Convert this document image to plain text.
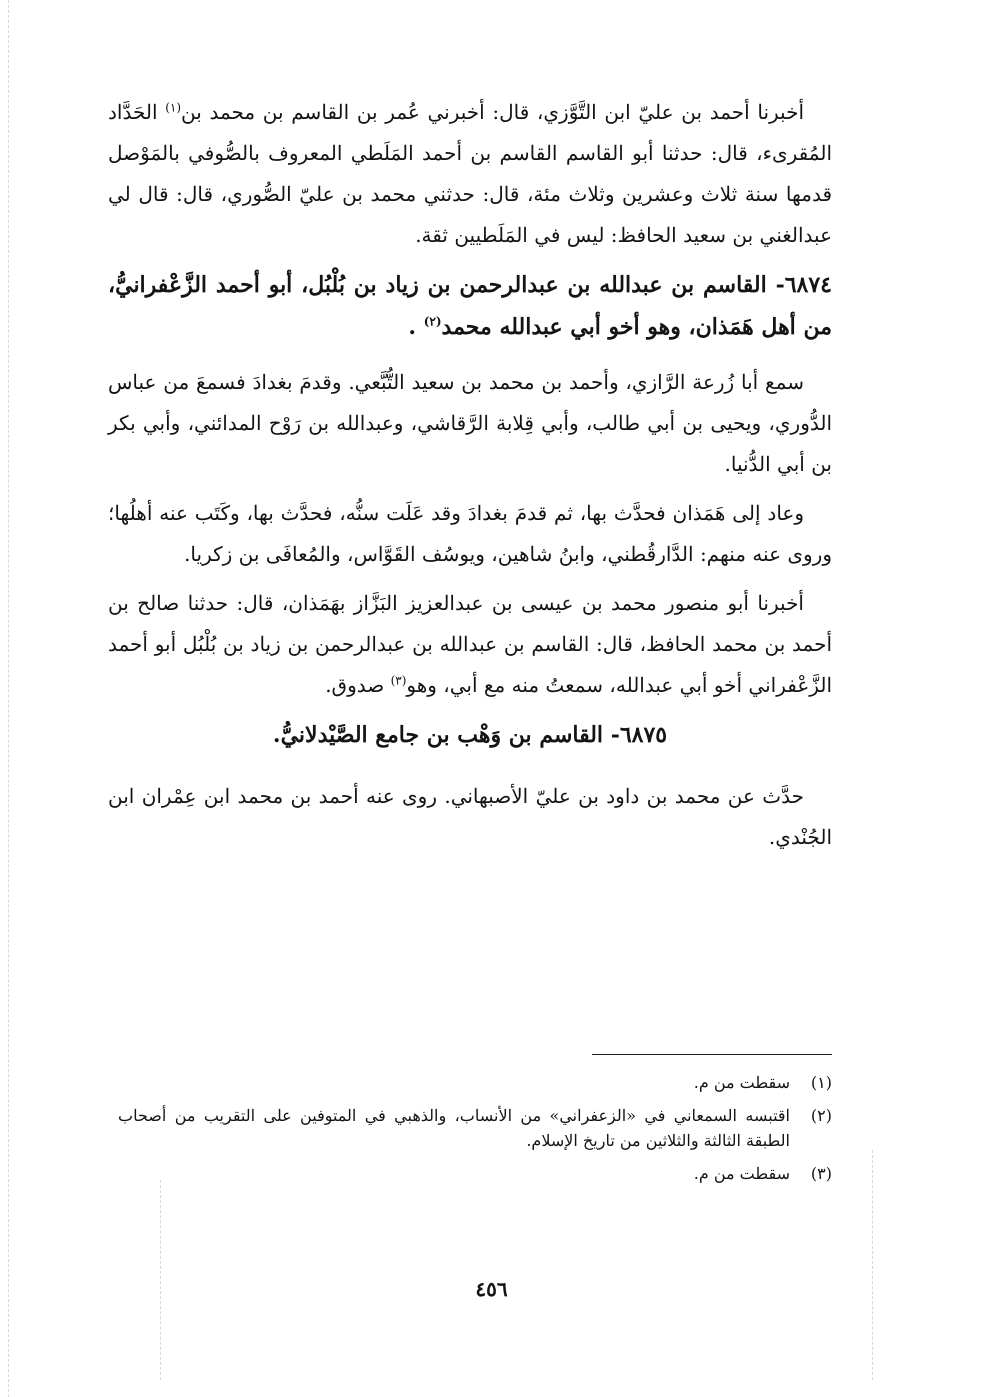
أخبرنا أحمد بن عليّ ابن التَّوَّزي، قال: أخبرني عُمر بن القاسم بن محمد بن$^{(١)}$ الحَدَّاد المُقرىء، قال: حدثنا أبو القاسم القاسم بن أحمد المَلَطي المعروف بالصُّوفي بالمَوْصل قدمها سنة ثلاث وعشرين وثلاث مئة، قال: حدثني محمد بن عليّ الصُّوري، قال: قال لي عبدالغني بن سعيد الحافظ: ليس في المَلَطيين ثقة.

٦٨٧٤- القاسم بن عبدالله بن عبدالرحمن بن زياد بن بُلْبُل، أبو أحمد الزَّعْفرانيُّ، من أهل هَمَذان، وهو أخو أبي عبدالله محمد$^{(٢)}$ .

سمع أبا زُرعة الرَّازي، وأحمد بن محمد بن سعيد التُّبَّعي. وقدمَ بغدادَ فسمعَ من عباس الدُّوري، ويحيى بن أبي طالب، وأبي قِلابة الرَّقاشي، وعبدالله بن رَوْح المدائني، وأبي بكر بن أبي الدُّنيا.

وعاد إلى هَمَذان فحدَّث بها، ثم قدمَ بغدادَ وقد عَلَت سنُّه، فحدَّث بها، وكَتَب عنه أهلُها؛ وروى عنه منهم: الدَّارقُطني، وابنُ شاهين، ويوسُف القَوَّاس، والمُعافَى بن زكريا.

أخبرنا أبو منصور محمد بن عيسى بن عبدالعزيز البَزَّاز بهَمَذان، قال: حدثنا صالح بن أحمد بن محمد الحافظ، قال: القاسم بن عبدالله بن عبدالرحمن بن زياد بن بُلْبُل أبو أحمد الزَّعْفراني أخو أبي عبدالله، سمعتُ منه مع أبي، وهو$^{(٣)}$ صدوق.

٦٨٧٥- القاسم بن وَهْب بن جامع الصَّيْدلانيُّ.

حدَّث عن محمد بن داود بن عليّ الأصبهاني. روى عنه أحمد بن محمد ابن عِمْران ابن الجُنْدي.

(١)
سقطت من م.
(٢)
اقتبسه السمعاني في «الزعفراني» من الأنساب، والذهبي في المتوفين على التقريب من أصحاب الطبقة الثالثة والثلاثين من تاريخ الإسلام.
(٣)
سقطت من م.
٤٥٦
